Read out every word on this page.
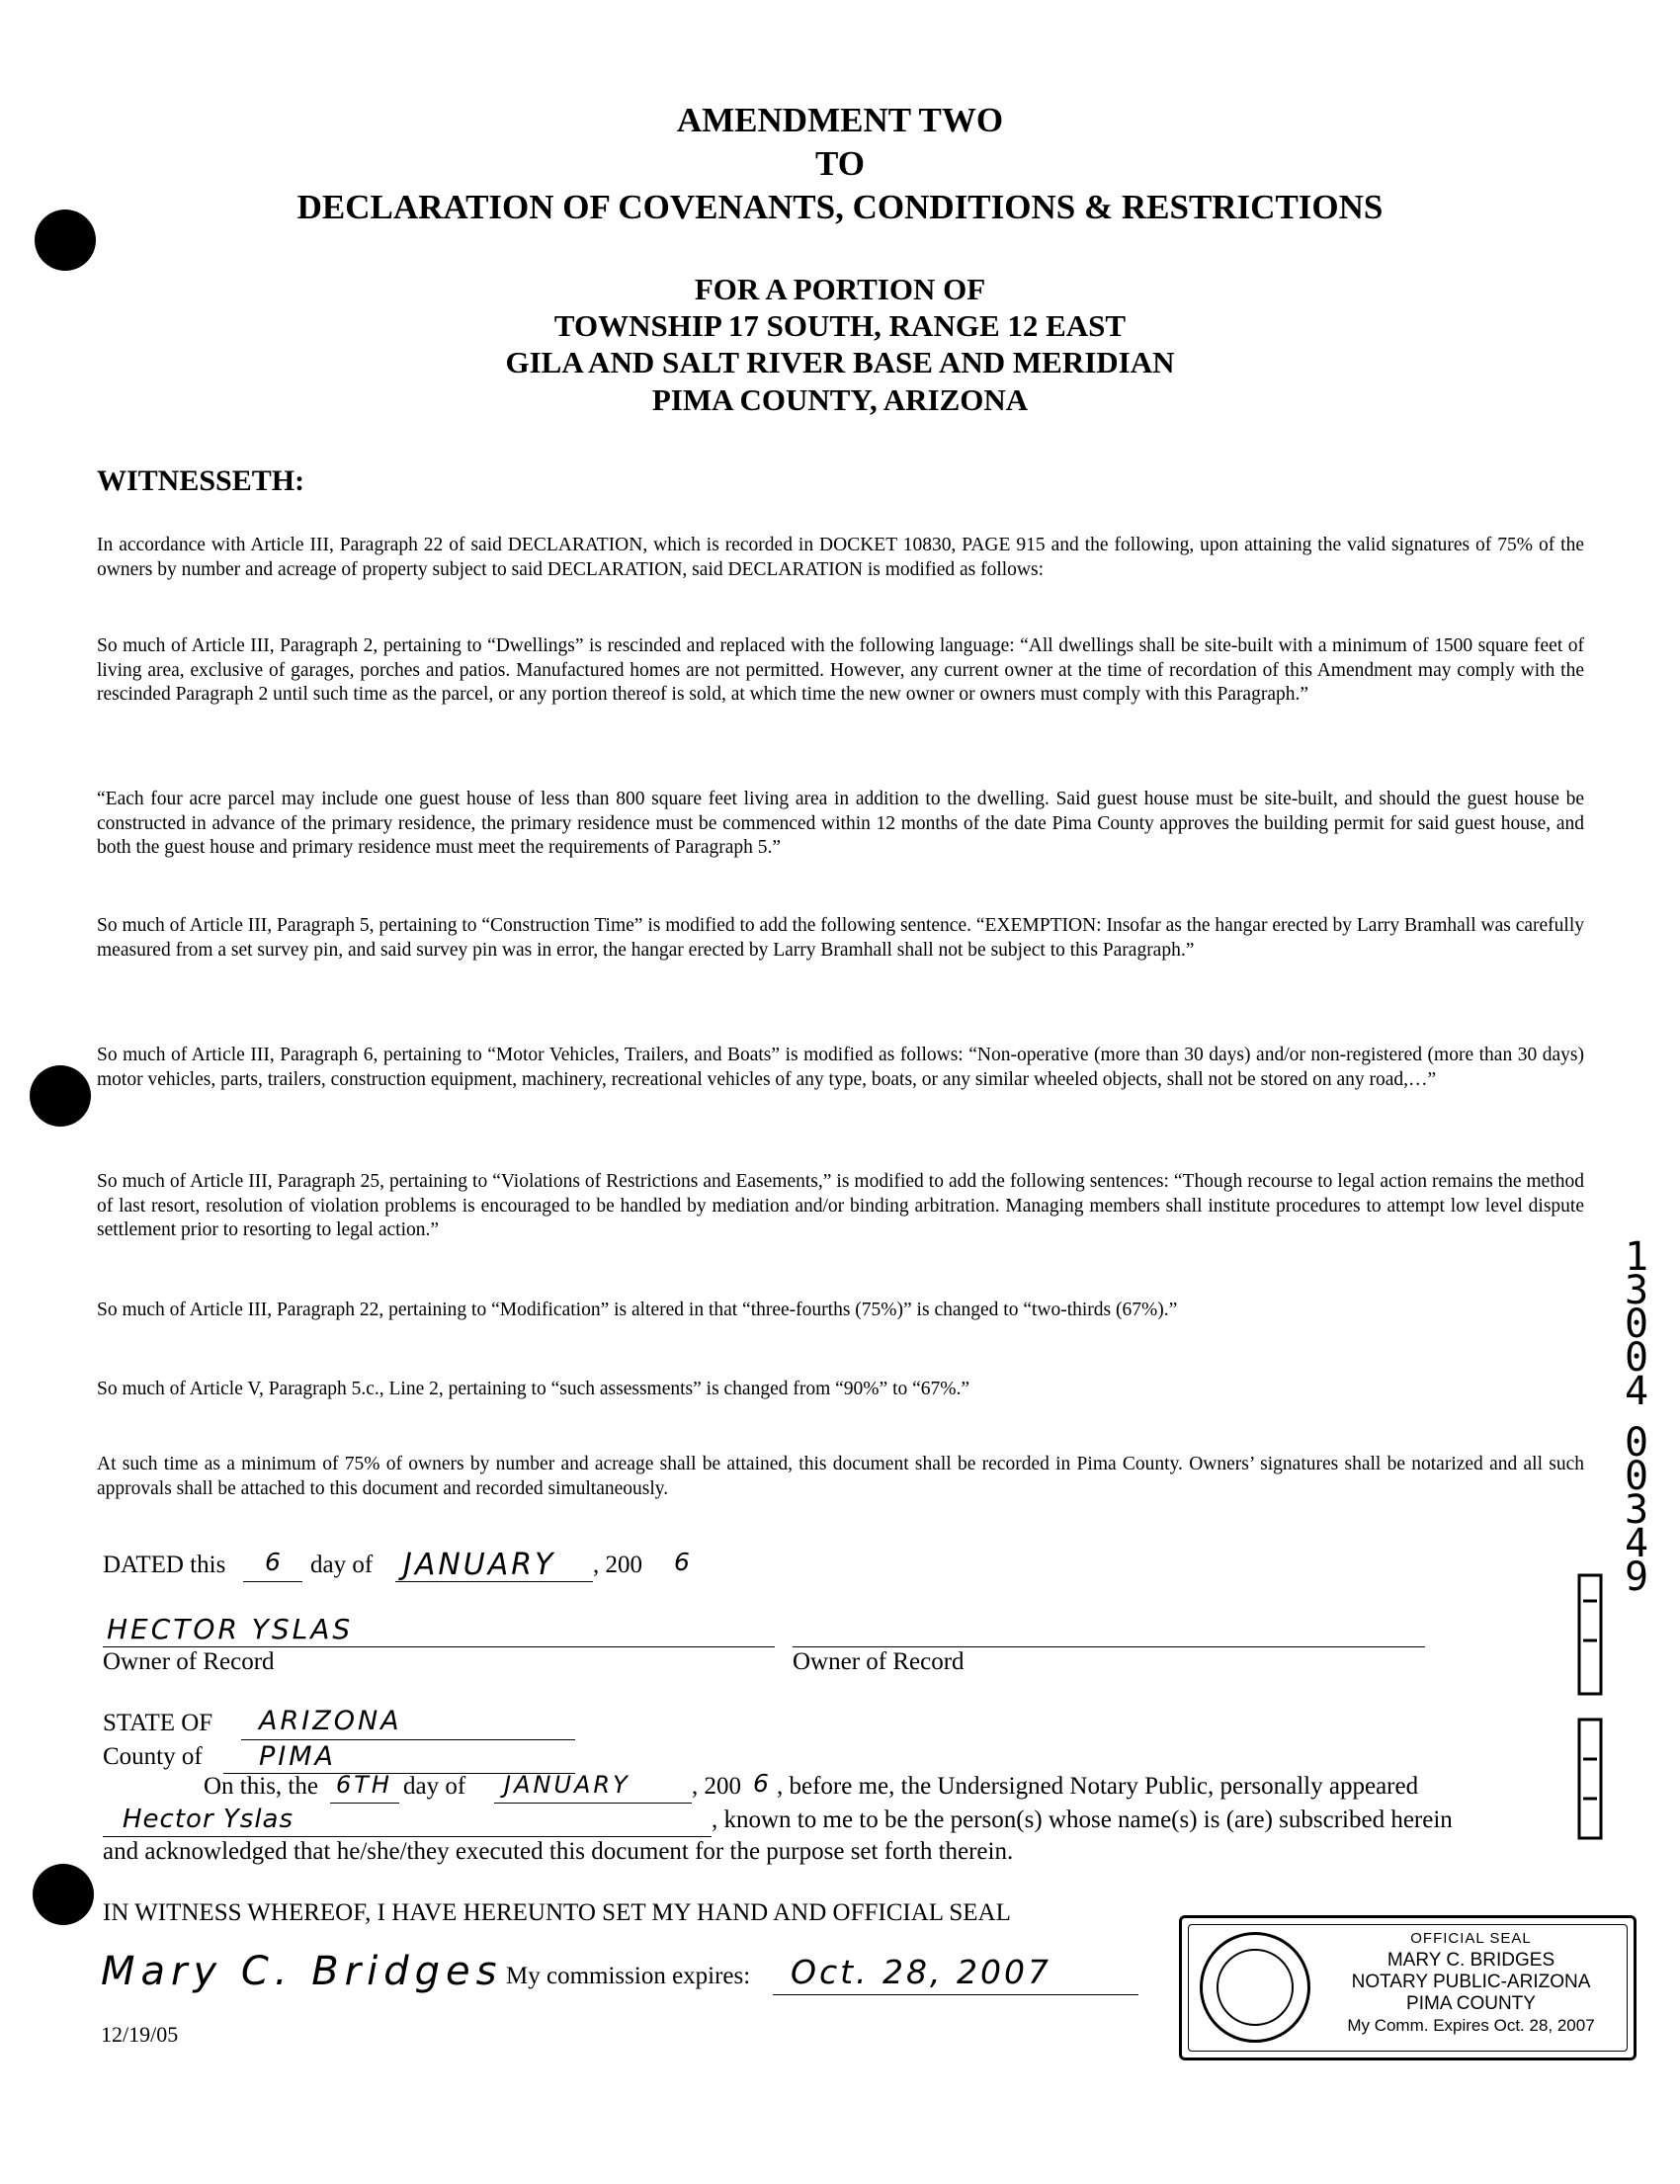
AMENDMENT TWO
TO
DECLARATION OF COVENANTS, CONDITIONS & RESTRICTIONS
FOR A PORTION OF
TOWNSHIP 17 SOUTH, RANGE 12 EAST
GILA AND SALT RIVER BASE AND MERIDIAN
PIMA COUNTY, ARIZONA
WITNESSETH:
In accordance with Article III, Paragraph 22 of said DECLARATION, which is recorded in DOCKET 10830, PAGE 915 and the following, upon attaining the valid signatures of 75% of the owners by number and acreage of property subject to said DECLARATION, said DECLARATION is modified as follows:
So much of Article III, Paragraph 2, pertaining to “Dwellings” is rescinded and replaced with the following language: “All dwellings shall be site-built with a minimum of 1500 square feet of living area, exclusive of garages, porches and patios. Manufactured homes are not permitted. However, any current owner at the time of recordation of this Amendment may comply with the rescinded Paragraph 2 until such time as the parcel, or any portion thereof is sold, at which time the new owner or owners must comply with this Paragraph.”
“Each four acre parcel may include one guest house of less than 800 square feet living area in addition to the dwelling. Said guest house must be site-built, and should the guest house be constructed in advance of the primary residence, the primary residence must be commenced within 12 months of the date Pima County approves the building permit for said guest house, and both the guest house and primary residence must meet the requirements of Paragraph 5.”
So much of Article III, Paragraph 5, pertaining to “Construction Time” is modified to add the following sentence. “EXEMPTION: Insofar as the hangar erected by Larry Bramhall was carefully measured from a set survey pin, and said survey pin was in error, the hangar erected by Larry Bramhall shall not be subject to this Paragraph.”
So much of Article III, Paragraph 6, pertaining to “Motor Vehicles, Trailers, and Boats” is modified as follows: “Non-operative (more than 30 days) and/or non-registered (more than 30 days) motor vehicles, parts, trailers, construction equipment, machinery, recreational vehicles of any type, boats, or any similar wheeled objects, shall not be stored on any road,…”
So much of Article III, Paragraph 25, pertaining to “Violations of Restrictions and Easements,” is modified to add the following sentences: “Though recourse to legal action remains the method of last resort, resolution of violation problems is encouraged to be handled by mediation and/or binding arbitration. Managing members shall institute procedures to attempt low level dispute settlement prior to resorting to legal action.”
So much of Article III, Paragraph 22, pertaining to “Modification” is altered in that “three-fourths (75%)” is changed to “two-thirds (67%).”
So much of Article V, Paragraph 5.c., Line 2, pertaining to “such assessments” is changed from “90%” to “67%.”
At such time as a minimum of 75% of owners by number and acreage shall be attained, this document shall be recorded in Pima County. Owners’ signatures shall be notarized and all such approvals shall be attached to this document and recorded simultaneously.
DATED this 6 day of JANUARY , 200 6
HECTOR YSLAS
Owner of Record	Owner of Record
STATE OF ARIZONA
County of PIMA
On this, the 6TH day of JANUARY , 200 6 , before me, the Undersigned Notary Public, personally appeared
Hector Yslas	, known to me to be the person(s) whose name(s) is (are) subscribed herein
and acknowledged that he/she/they executed this document for the purpose set forth therein.
IN WITNESS WHEREOF, I HAVE HEREUNTO SET MY HAND AND OFFICIAL SEAL
Mary C. Bridges My commission expires: Oct. 28, 2007
12/19/05
OFFICIAL SEAL
MARY C. BRIDGES
NOTARY PUBLIC-ARIZONA
PIMA COUNTY
My Comm. Expires Oct. 28, 2007
1
3
0
0
4
0
0
3
4
9
